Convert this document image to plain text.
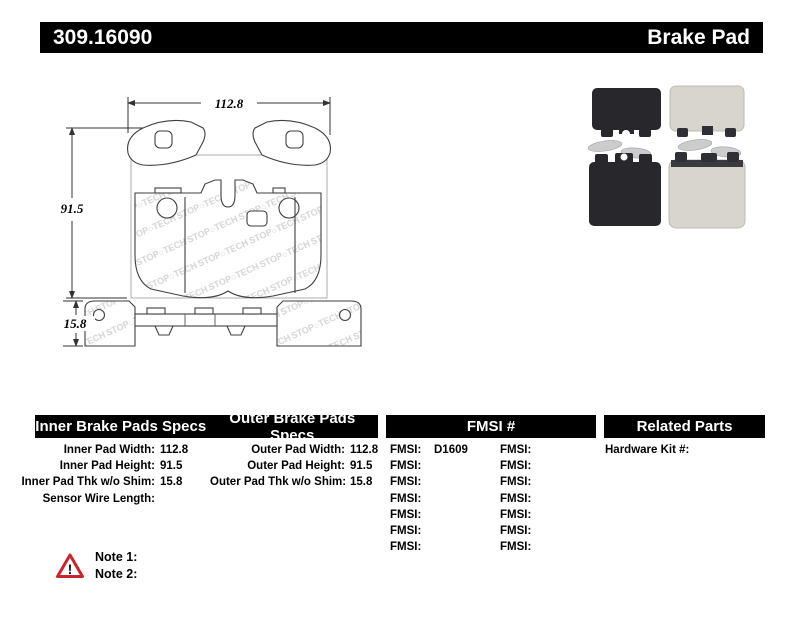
309.16090	Brake Pad
112.8
91.5
15.8
Inner Brake Pads Specs	Outer Brake Pads Specs	FMSI #	Related Parts
Inner Pad Width: 112.8
Inner Pad Height: 91.5
Inner Pad Thk w/o Shim: 15.8
Sensor Wire Length:
Outer Pad Width: 112.8
Outer Pad Height: 91.5
Outer Pad Thk w/o Shim: 15.8
FMSI:	D1609
FMSI:
FMSI:
FMSI:
FMSI:
FMSI:
FMSI:
FMSI:
FMSI:
FMSI:
FMSI:
FMSI:
FMSI:
FMSI:
Hardware Kit #:
!
Note 1:
Note 2:
